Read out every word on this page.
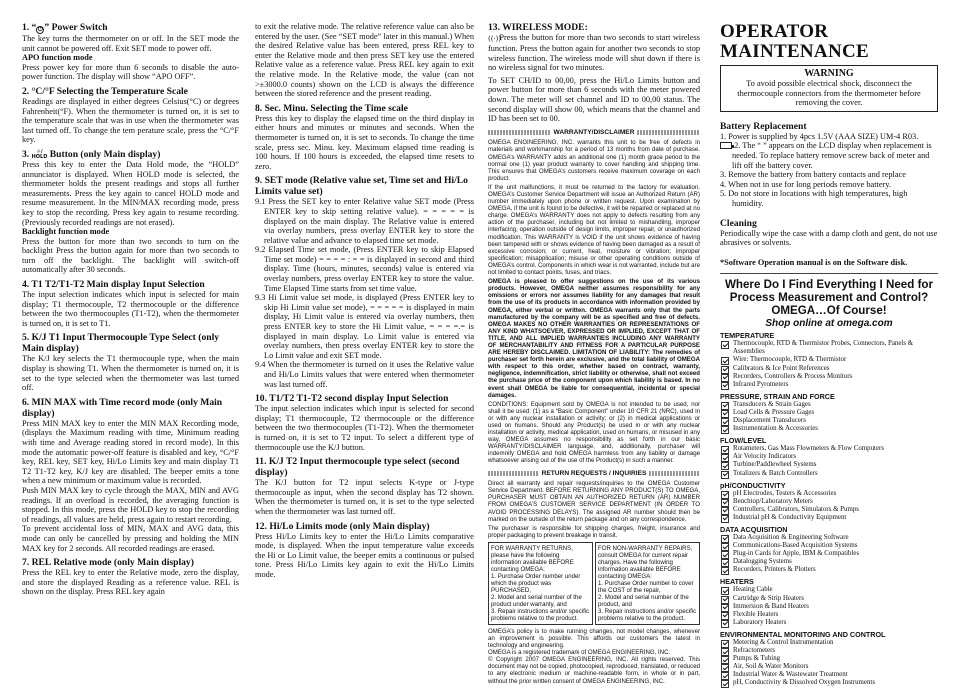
1. “ ⏻ ” Power Switch

The key turns the thermometer on or off. In the SET mode the unit cannot be powered off. Exit SET mode to power off.

APO function mode

Press power key for more than 6 seconds to disable the auto-power function. The display will show “APO OFF”.

2. °C/°F Selecting the Temperature Scale

Readings are displayed in either degrees Celsius(°C) or degrees Fahrenheit(°F). When the thermometer is turned on, it is set to the temperature scale that was in use when the thermometer was last turned off. To change the tem perature scale, press the °C/°F key.

3. ☼/
HOLD Button (only Main display)

Press this key to enter the Data Hold mode, the “HOLD” annunciator is displayed. When HOLD mode is selected, the thermometer holds the present readings and stops all further measurements. Press the key again to cancel HOLD mode and resume measurement. In the MIN/MAX recording mode, press key to stop the recording. Press key again to resume recording. (Previously recorded readings are not erased).

Backlight function mode

Press the button for more than two seconds to turn on the backlight Press the button again for more than two seconds to turn off the backlight. The backlight will switch-off automatically after 30 seconds.

4. T1 T2/T1-T2 Main display Input Selection

The input selection indicates which input is selected for main display; T1 thermocouple, T2 thermocouple or the difference between the two thermocouples (T1-T2), when the thermometer is turned on, it is set to T1.

5. K/J T1 Input Thermocouple Type Select (only Main display)

The K/J key selects the T1 thermocouple type, when the main display is showing T1. When the thermometer is turned on, it is set to the type selected when the thermometer was last turned off.

6. MIN MAX with Time record mode (only Main display)

Press MIN MAX key to enter the MIN MAX Recording mode, (displays the Maximum reading with time, Minimum reading with time and Average reading stored in record mode). In this mode the automatic power-off feature is disabled and key, °C/°F key, REL key, SET key, Hi/Lo Limits key and main display T1 T2 T1-T2 key, K/J key are disabled. The beeper emits a tone when a new minimum or maximum value is recorded.

Push MIN MAX key to cycle through the MAX, MIN and AVG readings. If an overload is recorded, the averaging function is stopped. In this mode, press the HOLD key to stop the recording of readings, all values are held, press again to restart recording.

To prevent accidental loss of MIN, MAX and AVG data, this mode can only be cancelled by pressing and holding the MIN MAX key for 2 seconds. All recorded readings are erased.

7. REL Relative mode (only Main display)

Press the REL key to enter the Relative mode, zero the display, and store the displayed Reading as a reference value. REL is shown on the display. Press REL key again

to exit the relative mode. The relative reference value can also be entered by the user. (See “SET mode” later in this manual.) When the desired Relative value has been entered, press REL key to enter the Relative mode and then press SET key use the entered Relative value as a reference value. Press REL key again to exit the relative mode. In the Relative mode, the value (can not >±3000.0 counts) shown on the LCD is always the difference between the stored reference and the present reading.

8. Sec. Minu. Selecting the Time scale

Press this key to display the elapsed time on the third display in either hours and minutes or minutes and seconds. When the thermometer is turned on, it is set to seconds. To change the time scale, press sec. Minu. key. Maximum elapsed time reading is 100 hours. If 100 hours is exceeded, the elapsed time resets to zero.

9. SET mode (Relative value set, Time set and Hi/Lo Limits value set)

9.1 Press the SET key to enter Relative value SET mode (Press ENTER key to skip setting relative value). = = = = = is displayed on the main display. The Relative value is entered via overlay numbers, press overlay ENTER key to store the relative value and advance to elapsed time set mode.

9.2 Elapsed Time set mode, (Press ENTER key to skip Elapsed Time set mode) = = = = : = = is displayed in second and third display. Time (hours, minutes, seconds) value is entered via overlay numbers, press overlay ENTER key to store the value. Time Elapsed Time starts from set time value.

9.3 Hi Limit value set mode, is displayed (Press ENTER key to skip Hi Limit value set mode), = = = = = is displayed in main display, Hi Limit value is entered via overlay numbers, then press ENTER key to store the Hi Limit value, = = = =.= is displayed in main display. Lo Limit value is entered via overlay numbers, then press overlay ENTER key to store the Lo Limit value and exit SET mode.

9.4 When the thermometer is turned on it uses the Relative value and Hi/Lo Limits values that were entered when thermometer was last turned off.

10. T1/T2 T1-T2 second display Input Selection

The input selection indicates which input is selected for second display; T1 thermocouple, T2 thermocouple or the difference between the two thermocouples (T1-T2). When the thermometer is turned on, it is set to T2 input. To select a different type of thermocouple use the K/J button.

11. K/J T2 Input thermocouple type select (second display)

The K/J button for T2 input selects K-type or J-type thermocouple as input, when the second display has T2 shown. When the thermometer is turned on, it is set to the type selected when the thermometer was last turned off.

12. Hi/Lo Limits mode (only Main display)

Press Hi/Lo Limits key to enter the Hi/Lo Limits comparative mode, is displayed. When the input temperature value exceeds the Hi or Lo Limit value, the beeper emits a continuous or pulsed tone. Press Hi/Lo Limits key again to exit the Hi/Lo Limits mode.

13. WIRELESS MODE:

((·)) Press the button for more than two seconds to start wireless function. Press the button again for another two seconds to stop wireless function. The wireless mode will shut down if there is no wireless signal for two minutes.

To SET CH/ID to 00,00, press the Hi/Lo Limits button and power button for more than 6 seconds with the meter powered down. The meter will set channel and ID to 00,00 status. The second display will show 00, which means that the channel and ID has been set to 00.

WARRANTY/DISCLAIMER

OMEGA ENGINEERING, INC. warrants this unit to be free of defects in materials and workmanship for a period of 13 months from date of purchase. OMEGA’s WARRANTY adds an additional one (1) month grace period to the normal one (1) year product warranty to cover handling and shipping time. This ensures that OMEGA’s customers receive maximum coverage on each product.

If the unit malfunctions, it must be returned to the factory for evaluation. OMEGA’s Customer Service Department will issue an Authorized Return (AR) number immediately upon phone or written request. Upon examination by OMEGA, if the unit is found to be defective, it will be repaired or replaced at no charge. OMEGA’s WARRANTY does not apply to defects resulting from any action of the purchaser, including but not limited to mishandling, improper interfacing, operation outside of design limits, improper repair, or unauthorized modification. This WARRANTY is VOID if the unit shows evidence of having been tampered with or shows evidence of having been damaged as a result of excessive corrosion; or current, heat, moisture or vibration; improper specification; misapplication; misuse or other operating conditions outside of OMEGA’s control. Components in which wear is not warranted, include but are not limited to contact points, fuses, and triacs.

OMEGA is pleased to offer suggestions on the use of its various products. However, OMEGA neither assumes responsibility for any omissions or errors nor assumes liability for any damages that result from the use of its products in accordance with information provided by OMEGA, either verbal or written. OMEGA warrants only that the parts manufactured by the company will be as specified and free of defects. OMEGA MAKES NO OTHER WARRANTIES OR REPRESENTATIONS OF ANY KIND WHATSOEVER, EXPRESSED OR IMPLIED, EXCEPT THAT OF TITLE, AND ALL IMPLIED WARRANTIES INCLUDING ANY WARRANTY OF MERCHANTABILITY AND FITNESS FOR A PARTICULAR PURPOSE ARE HEREBY DISCLAIMED. LIMITATION OF LIABILITY: The remedies of purchaser set forth herein are exclusive, and the total liability of OMEGA with respect to this order, whether based on contract, warranty, negligence, indemnification, strict liability or otherwise, shall not exceed the purchase price of the component upon which liability is based. In no event shall OMEGA be liable for consequential, incidental or special damages.

CONDITIONS: Equipment sold by OMEGA is not intended to be used, nor shall it be used: (1) as a “Basic Component” under 10 CFR 21 (NRC), used in or with any nuclear installation or activity; or (2) in medical applications or used on humans. Should any Product(s) be used in or with any nuclear installation or activity, medical application, used on humans, or misused in any way, OMEGA assumes no responsibility as set forth in our basic WARRANTY/DISCLAIMER language, and, additionally, purchaser will indemnify OMEGA and hold OMEGA harmless from any liability or damage whatsoever arising out of the use of the Product(s) in such a manner.

RETURN REQUESTS / INQUIRIES

Direct all warranty and repair requests/inquiries to the OMEGA Customer Service Department. BEFORE RETURNING ANY PRODUCT(S) TO OMEGA, PURCHASER MUST OBTAIN AN AUTHORIZED RETURN (AR) NUMBER FROM OMEGA’S CUSTOMER SERVICE DEPARTMENT (IN ORDER TO AVOID PROCESSING DELAYS). The assigned AR number should then be marked on the outside of the return package and on any correspondence.

The purchaser is responsible for shipping charges, freight, insurance and proper packaging to prevent breakage in transit.

FOR WARRANTY RETURNS, please have the following information available BEFORE contacting OMEGA:
1. Purchase Order number under which the product was PURCHASED,
2. Model and serial number of the product under warranty, and
3. Repair instructions and/or specific problems relative to the product.
FOR NON-WARRANTY REPAIRS, consult OMEGA for current repair charges. Have the following information available BEFORE contacting OMEGA:
1. Purchase Order number to cover the COST of the repair,
2. Model and serial number of the product, and
3. Repair instructions and/or specific problems relative to the product.

OMEGA’s policy is to make running changes, not model changes, whenever an improvement is possible. This affords our customers the latest in technology and engineering.

OMEGA is a registered trademark of OMEGA ENGINEERING, INC.

© Copyright 2007 OMEGA ENGINEERING, INC. All rights reserved. This document may not be copied, photocopied, reproduced, translated, or reduced to any electronic medium or machine-readable form, in whole or in part, without the prior written consent of OMEGA ENGINEERING, INC.

OPERATOR MAINTENANCE
WARNING
To avoid possible electrical shock, disconnect the thermocouple connectors from the thermometer before removing the cover.
Battery Replacement

1. Power is supplied by 4pcs 1.5V (AAA SIZE) UM-4 R03.

2. The “ ” appears on the LCD display when replacement is needed. To replace battery remove screw back of meter and lift off the battery cover.

3. Remove the battery from battery contacts and replace

4. When not in use for long periods remove battery.

5. Do not store in locations with high temperatures, high humidity.

Cleaning

Periodically wipe the case with a damp cloth and gent, do not use abrasives or solvents.

*Software Operation manual is on the Software disk.

Where Do I Find Everything I Need for Process Measurement and Control? OMEGA…Of Course!
Shop online at omega.com
TEMPERATURE
Thermocouple, RTD & Thermistor Probes, Connectors, Panels & Assemblies
Wire: Thermocouple, RTD & Thermistor
Calibrators & Ice Point References
Recorders, Controllers & Process Monitors
Infrared Pyrometers
PRESSURE, STRAIN AND FORCE
Transducers & Strain Gages
Load Cells & Pressure Gages
Displacement Transducers
Instrumentation & Accessories
FLOW/LEVEL
Rotameters, Gas Mass Flowmeters & Flow Computers
Air Velocity Indicators
Turbine/Paddlewheel Systems
Totalizers & Batch Controllers
pH/CONDUCTIVITY
pH Electrodes, Testers & Accessories
Benchtop/Laboratory Meters
Controllers, Calibrators, Simulators & Pumps
Industrial pH & Conductivity Equipment
DATA ACQUISITION
Data Acquisition & Engineering Software
Communications-Based Acquisition Systems
Plug-in Cards for Apple, IBM & Compatibles
Datalogging Systems
Recorders, Printers & Plotters
HEATERS
Heating Cable
Cartridge & Strip Heaters
Immersion & Band Heaters
Flexible Heaters
Laboratory Heaters
ENVIRONMENTAL MONITORING AND CONTROL
Metering & Control Instrumentation
Refractometers
Pumps & Tubing
Air, Soil & Water Monitors
Industrial Water & Wastewater Treatment
pH, Conductivity & Dissolved Oxygen Instruments
